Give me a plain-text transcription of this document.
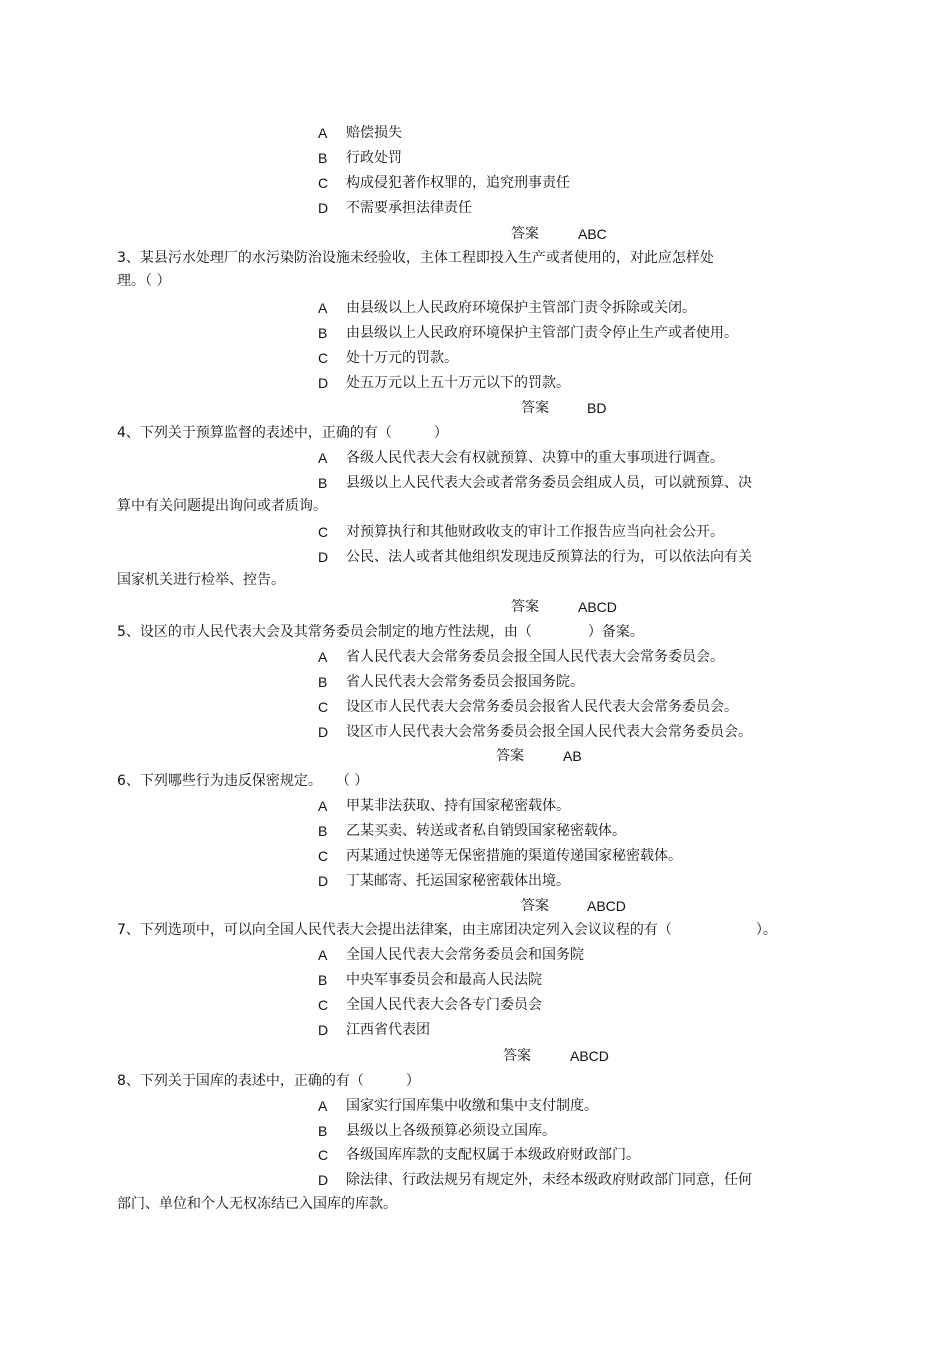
A 赔偿损失
B 行政处罚
C 构成侵犯著作权罪的，追究刑事责任
D 不需要承担法律责任
答案	ABC
3、某县污水处理厂的水污染防治设施未经验收，主体工程即投入生产或者使用的，对此应怎样处
理。（ ）
A 由县级以上人民政府环境保护主管部门责令拆除或关闭。
B 由县级以上人民政府环境保护主管部门责令停止生产或者使用。
C 处十万元的罚款。
D 处五万元以上五十万元以下的罚款。
答案	BD
4、下列关于预算监督的表述中，正确的有（　　　）
A 各级人民代表大会有权就预算、决算中的重大事项进行调查。
B 县级以上人民代表大会或者常务委员会组成人员，可以就预算、决
算中有关问题提出询问或者质询。
C 对预算执行和其他财政收支的审计工作报告应当向社会公开。
D 公民、法人或者其他组织发现违反预算法的行为，可以依法向有关
国家机关进行检举、控告。
答案	ABCD
5、设区的市人民代表大会及其常务委员会制定的地方性法规，由（　　　　）备案。
A 省人民代表大会常务委员会报全国人民代表大会常务委员会。
B 省人民代表大会常务委员会报国务院。
C 设区市人民代表大会常务委员会报省人民代表大会常务委员会。
D 设区市人民代表大会常务委员会报全国人民代表大会常务委员会。
答案	AB
6、下列哪些行为违反保密规定。　　（ ）
A 甲某非法获取、持有国家秘密载体。
B 乙某买卖、转送或者私自销毁国家秘密载体。
C 丙某通过快递等无保密措施的渠道传递国家秘密载体。
D 丁某邮寄、托运国家秘密载体出境。
答案	ABCD
7、下列选项中，可以向全国人民代表大会提出法律案，由主席团决定列入会议议程的有（　　　　　　）。
A 全国人民代表大会常务委员会和国务院
B 中央军事委员会和最高人民法院
C 全国人民代表大会各专门委员会
D 江西省代表团
答案	ABCD
8、下列关于国库的表述中，正确的有（　　　）
A 国家实行国库集中收缴和集中支付制度。
B 县级以上各级预算必须设立国库。
C 各级国库库款的支配权属于本级政府财政部门。
D 除法律、行政法规另有规定外，未经本级政府财政部门同意，任何
部门、单位和个人无权冻结已入国库的库款。
